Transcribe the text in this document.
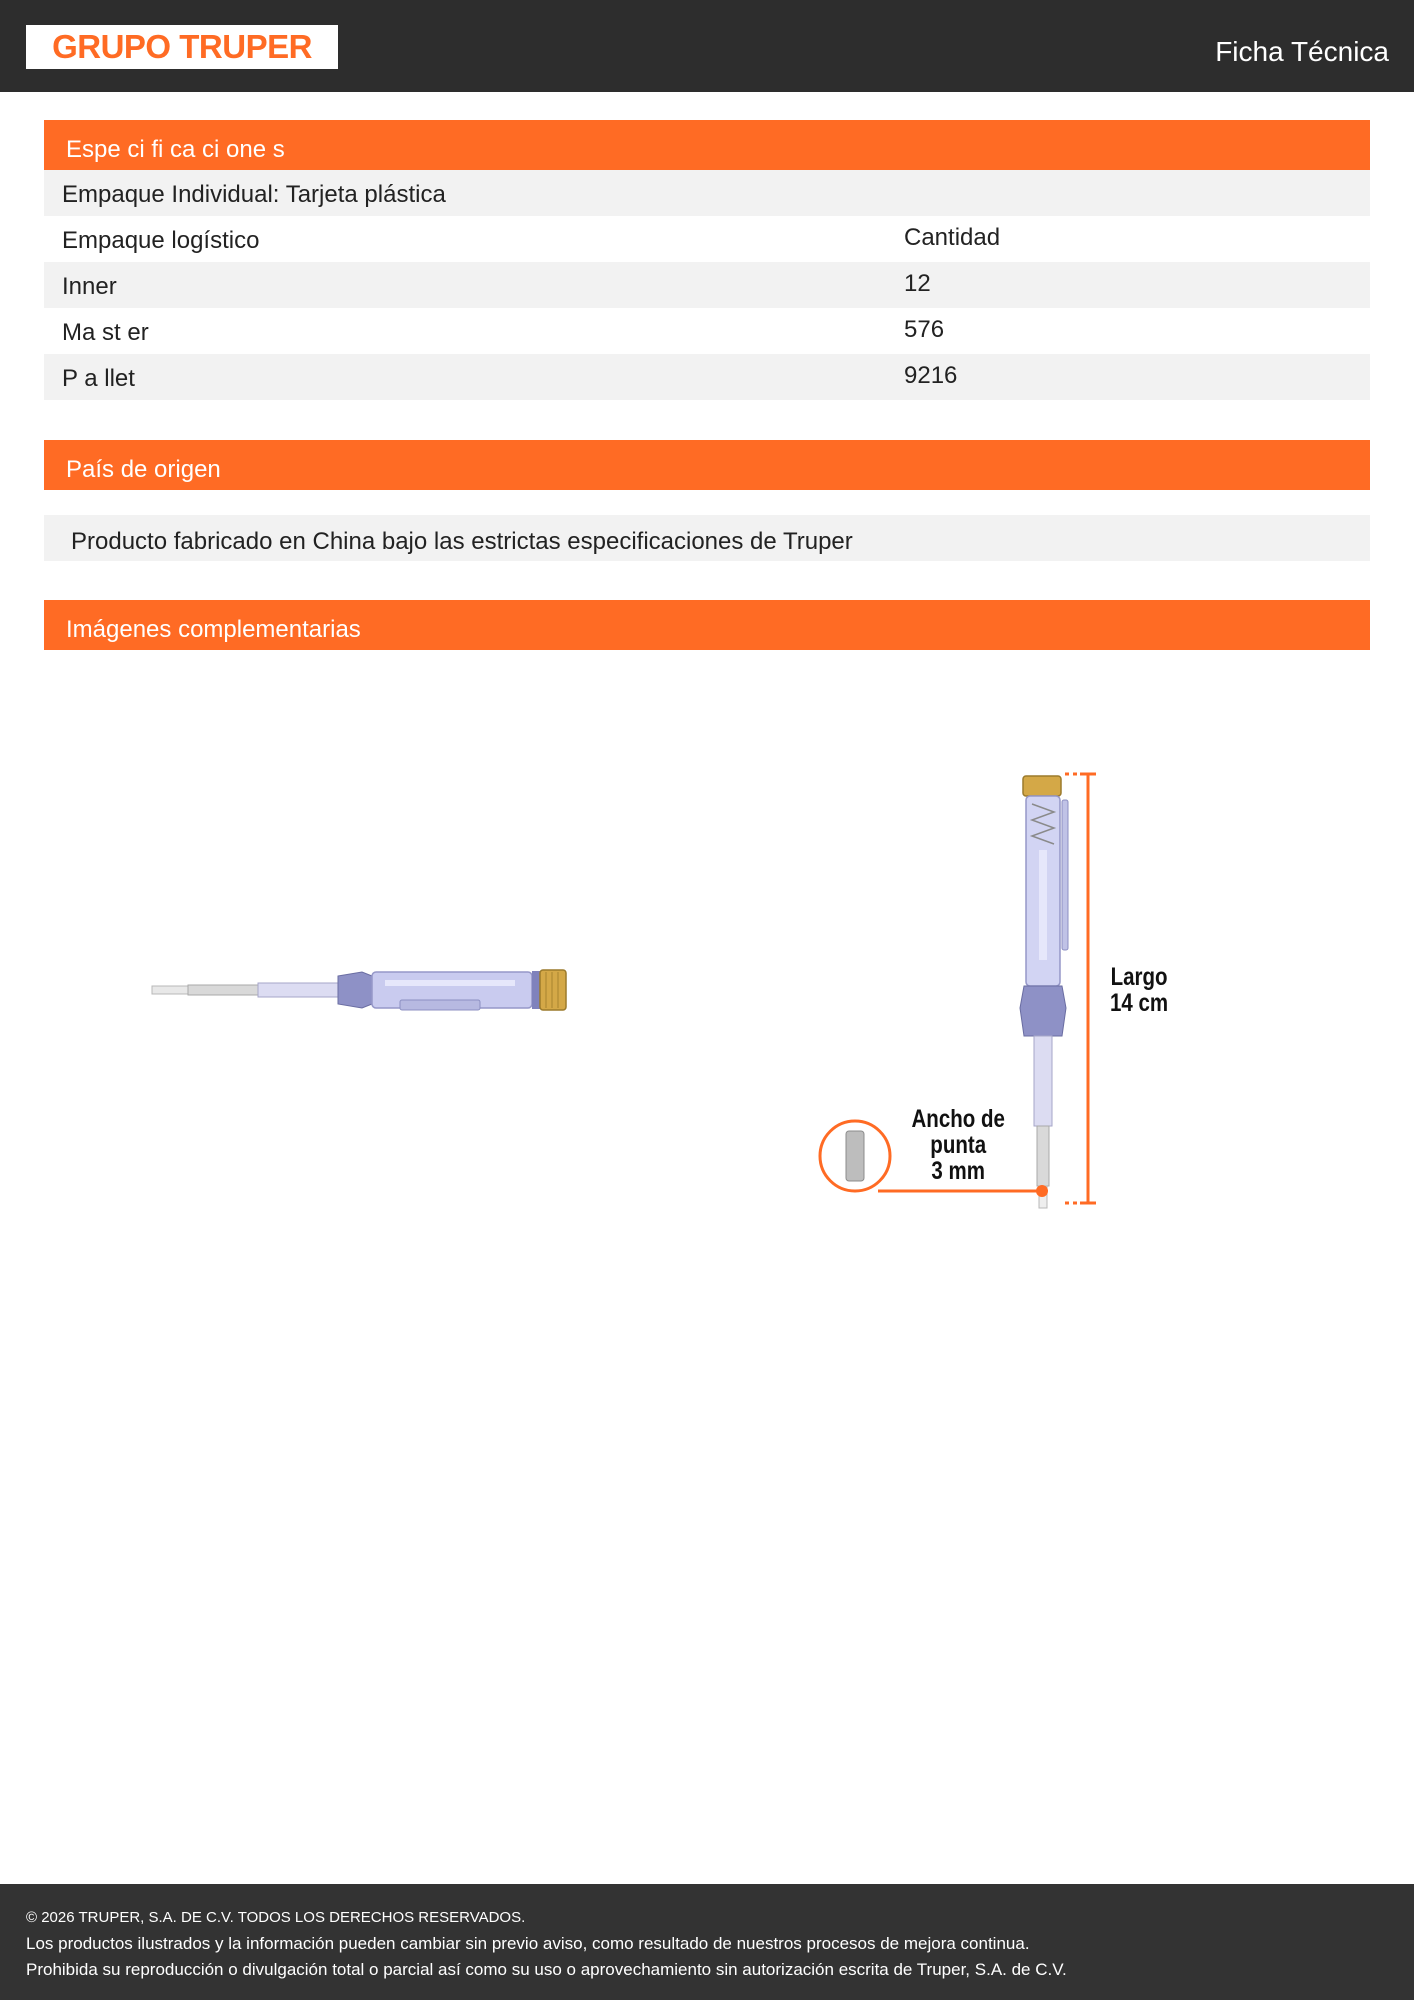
GRUPO TRUPER	Ficha Técnica
Espe ci fi ca ci one s
Empaque Individual: Tarjeta plástica
Empaque logístico	Cantidad
Inner	12
Ma st er	576
P a llet	9216
País de origen
Producto fabricado en China bajo las estrictas especificaciones de Truper
Imágenes complementarias
Largo
14 cm
Ancho de
punta
3 mm

© 2026 TRUPER, S.A. DE C.V. TODOS LOS DERECHOS RESERVADOS.

Los productos ilustrados y la información pueden cambiar sin previo aviso, como resultado de nuestros procesos de mejora continua.

Prohibida su reproducción o divulgación total o parcial así como su uso o aprovechamiento sin autorización escrita de Truper, S.A. de C.V.
